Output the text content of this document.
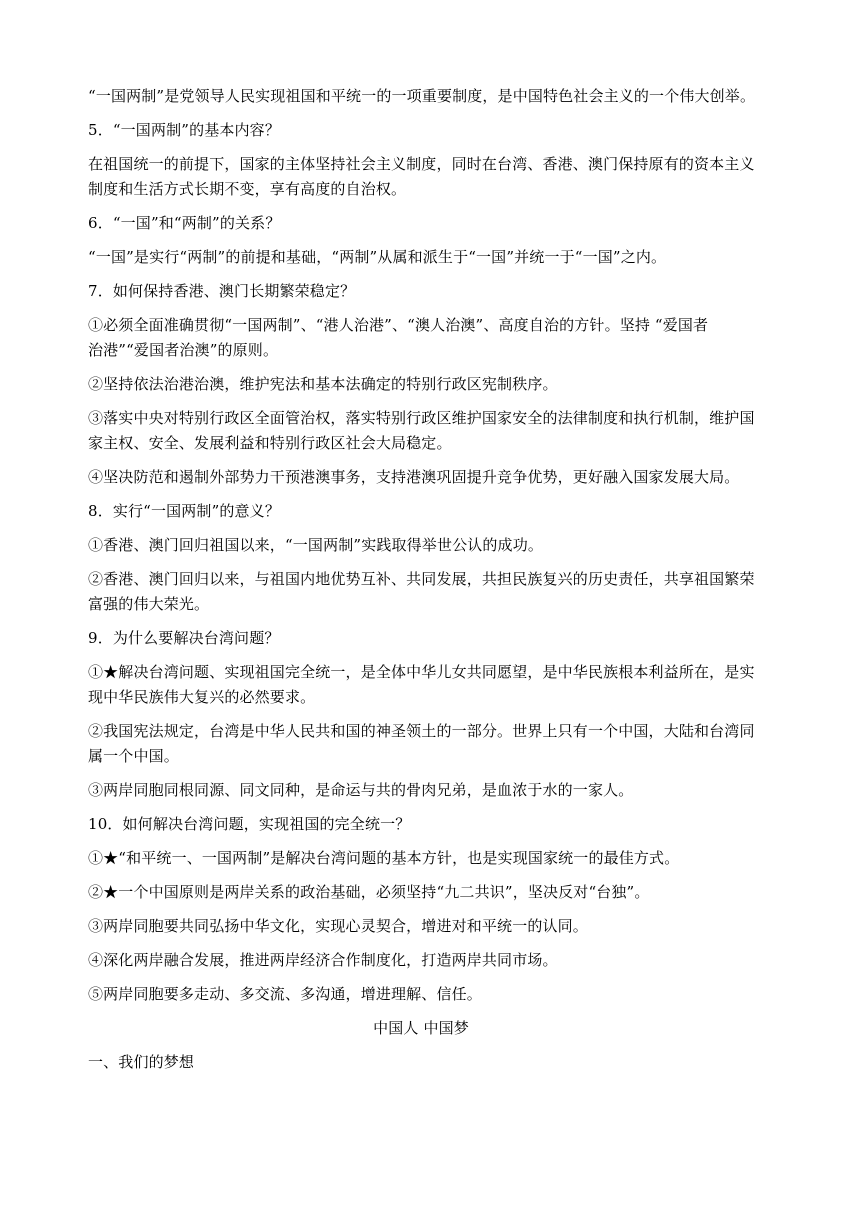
“一国两制”是党领导人民实现祖国和平统一的一项重要制度，是中国特色社会主义的一个伟大创举。

5．“一国两制”的基本内容？

在祖国统一的前提下，国家的主体坚持社会主义制度，同时在台湾、香港、澳门保持原有的资本主义

制度和生活方式长期不变，享有高度的自治权。

6．“一国”和“两制”的关系？

“一国”是实行“两制”的前提和基础，“两制”从属和派生于“一国”并统一于“一国”之内。

7．如何保持香港、澳门长期繁荣稳定？

①必须全面准确贯彻“一国两制”、“港人治港”、“澳人治澳”、高度自治的方针。坚持 “爱国者

治港”“爱国者治澳”的原则。

②坚持依法治港治澳，维护宪法和基本法确定的特别行政区宪制秩序。

③落实中央对特别行政区全面管治权，落实特别行政区维护国家安全的法律制度和执行机制，维护国

家主权、安全、发展利益和特别行政区社会大局稳定。

④坚决防范和遏制外部势力干预港澳事务，支持港澳巩固提升竞争优势，更好融入国家发展大局。

8．实行“一国两制”的意义？

①香港、澳门回归祖国以来，“一国两制”实践取得举世公认的成功。

②香港、澳门回归以来，与祖国内地优势互补、共同发展，共担民族复兴的历史责任，共享祖国繁荣

富强的伟大荣光。

9．为什么要解决台湾问题？

①★解决台湾问题、实现祖国完全统一，是全体中华儿女共同愿望，是中华民族根本利益所在，是实

现中华民族伟大复兴的必然要求。

②我国宪法规定，台湾是中华人民共和国的神圣领土的一部分。世界上只有一个中国，大陆和台湾同

属一个中国。

③两岸同胞同根同源、同文同种，是命运与共的骨肉兄弟，是血浓于水的一家人。

10．如何解决台湾问题，实现祖国的完全统一？

①★“和平统一、一国两制”是解决台湾问题的基本方针，也是实现国家统一的最佳方式。

②★一个中国原则是两岸关系的政治基础，必须坚持“九二共识”，坚决反对“台独”。

③两岸同胞要共同弘扬中华文化，实现心灵契合，增进对和平统一的认同。

④深化两岸融合发展，推进两岸经济合作制度化，打造两岸共同市场。

⑤两岸同胞要多走动、多交流、多沟通，增进理解、信任。

中国人 中国梦

一、我们的梦想
